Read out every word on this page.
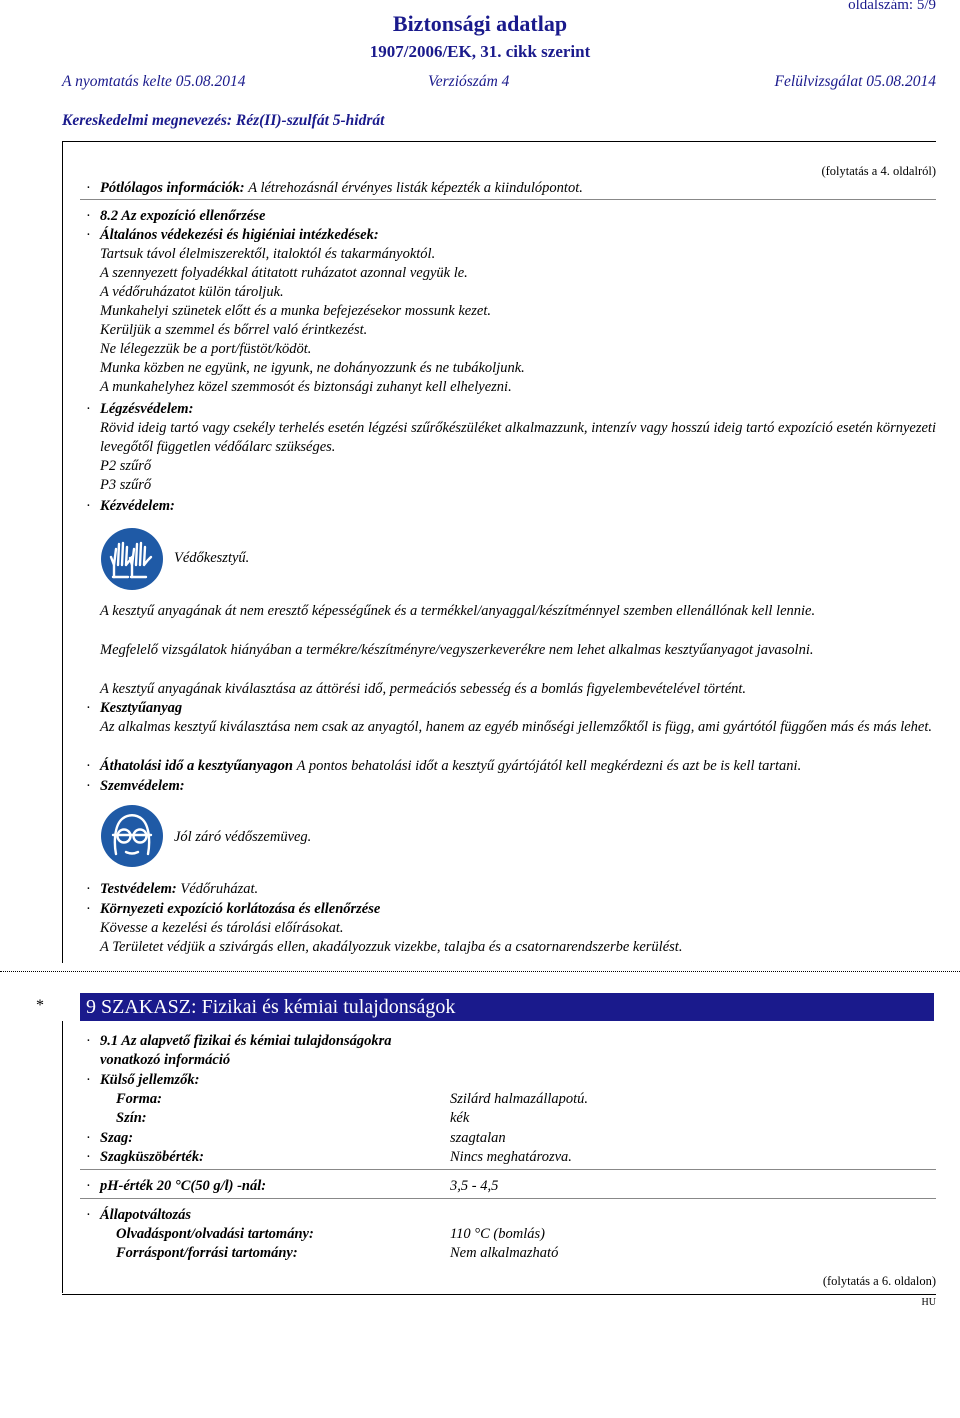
oldalszám: 5/9
Biztonsági adatlap
1907/2006/EK, 31. cikk szerint
A nyomtatás kelte 05.08.2014	Verziószám 4	Felülvizsgálat 05.08.2014
Kereskedelmi megnevezés: Réz(II)-szulfát 5-hidrát
(folytatás a 4. oldalról)
· Pótlólagos információk: A létrehozásnál érvényes listák képezték a kiindulópontot.
· 8.2 Az expozíció ellenőrzése
· Általános védekezési és higiéniai intézkedések:
Tartsuk távol élelmiszerektől, italoktól és takarmányoktól.
A szennyezett folyadékkal átitatott ruházatot azonnal vegyük le.
A védőruházatot külön tároljuk.
Munkahelyi szünetek előtt és a munka befejezésekor mossunk kezet.
Kerüljük a szemmel és bőrrel való érintkezést.
Ne lélegezzük be a port/füstöt/ködöt.
Munka közben ne együnk, ne igyunk, ne dohányozzunk és ne tubákoljunk.
A munkahelyhez közel szemmosót és biztonsági zuhanyt kell elhelyezni.
· Légzésvédelem:
Rövid ideig tartó vagy csekély terhelés esetén légzési szűrőkészüléket alkalmazzunk, intenzív vagy hosszú ideig tartó expozíció esetén környezeti levegőtől független védőálarc szükséges.
P2 szűrő
P3 szűrő
· Kézvédelem:
Védőkesztyű.
A kesztyű anyagának át nem eresztő képességűnek és a termékkel/anyaggal/készítménnyel szemben ellenállónak kell lennie.
Megfelelő vizsgálatok hiányában a termékre/készítményre/vegyszerkeverékre nem lehet alkalmas kesztyűanyagot javasolni.
A kesztyű anyagának kiválasztása az áttörési idő, permeációs sebesség és a bomlás figyelembevételével történt.
· Kesztyűanyag
Az alkalmas kesztyű kiválasztása nem csak az anyagtól, hanem az egyéb minőségi jellemzőktől is függ, ami gyártótól függően más és más lehet.
· Áthatolási idő a kesztyűanyagon A pontos behatolási időt a kesztyű gyártójától kell megkérdezni és azt be is kell tartani.
· Szemvédelem:
Jól záró védőszemüveg.
· Testvédelem: Védőruházat.
· Környezeti expozíció korlátozása és ellenőrzése
Kövesse a kezelési és tárolási előírásokat.
A Területet védjük a szivárgás ellen, akadályozzuk vizekbe, talajba és a csatornarendszerbe kerülést.
*	9 SZAKASZ: Fizikai és kémiai tulajdonságok
· 9.1 Az alapvető fizikai és kémiai tulajdonságokra
vonatkozó információ
· Külső jellemzők:
Forma:	Szilárd halmazállapotú.
Szín:	kék
· Szag:	szagtalan
· Szagküszöbérték:	Nincs meghatározva.
· pH-érték 20 °C(50 g/l) -nál:	3,5 - 4,5
· Állapotváltozás
Olvadáspont/olvadási tartomány:	110 °C (bomlás)
Forráspont/forrási tartomány:	Nem alkalmazható
(folytatás a 6. oldalon)
HU
